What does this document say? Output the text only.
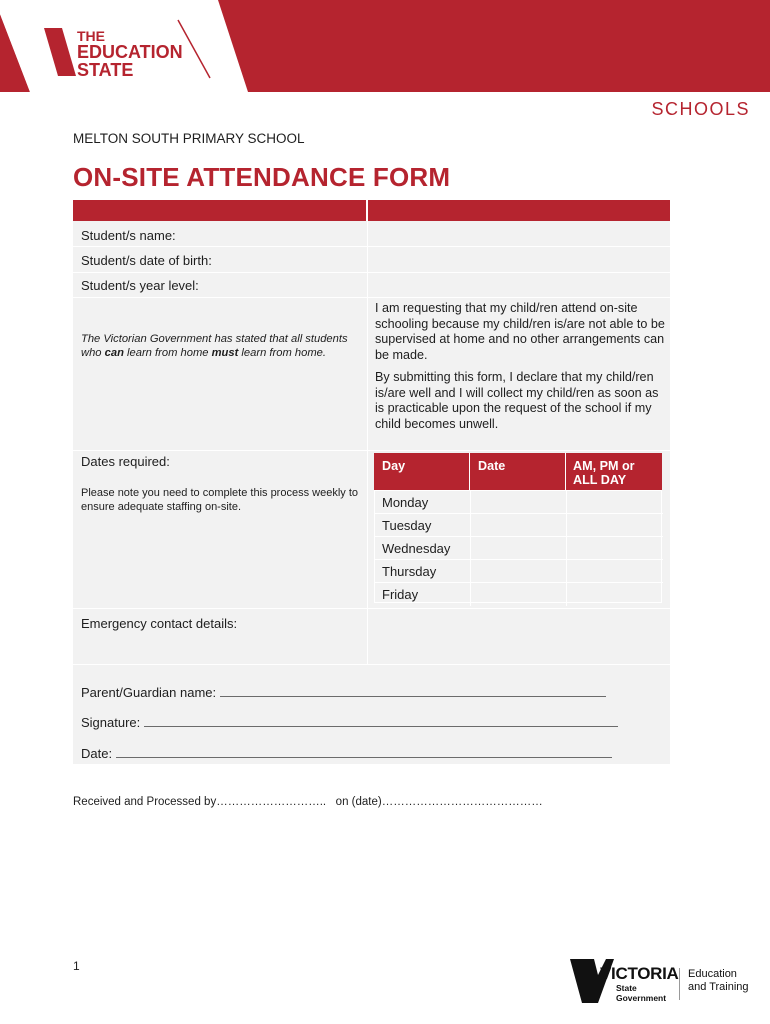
THE
EDUCATION
STATE
SCHOOLS
MELTON SOUTH PRIMARY SCHOOL
ON-SITE ATTENDANCE FORM
Student/s name:
Student/s date of birth:
Student/s year level:
The Victorian Government has stated that all students who can learn from home must learn from home.
I am requesting that my child/ren attend on-site schooling because my child/ren is/are not able to be supervised at home and no other arrangements can be made.
By submitting this form, I declare that my child/ren is/are well and I will collect my child/ren as soon as is practicable upon the request of the school if my child becomes unwell.
Dates required:
Please note you need to complete this process weekly to ensure adequate staffing on-site.
Day	Date	AM, PM or ALL DAY
Monday
Tuesday
Wednesday
Thursday
Friday
Emergency contact details:
Parent/Guardian name:
Signature:
Date:
Received and Processed by………………………..   on (date)……………………………………
1	VICTORIA
State
Government
Education
and Training
